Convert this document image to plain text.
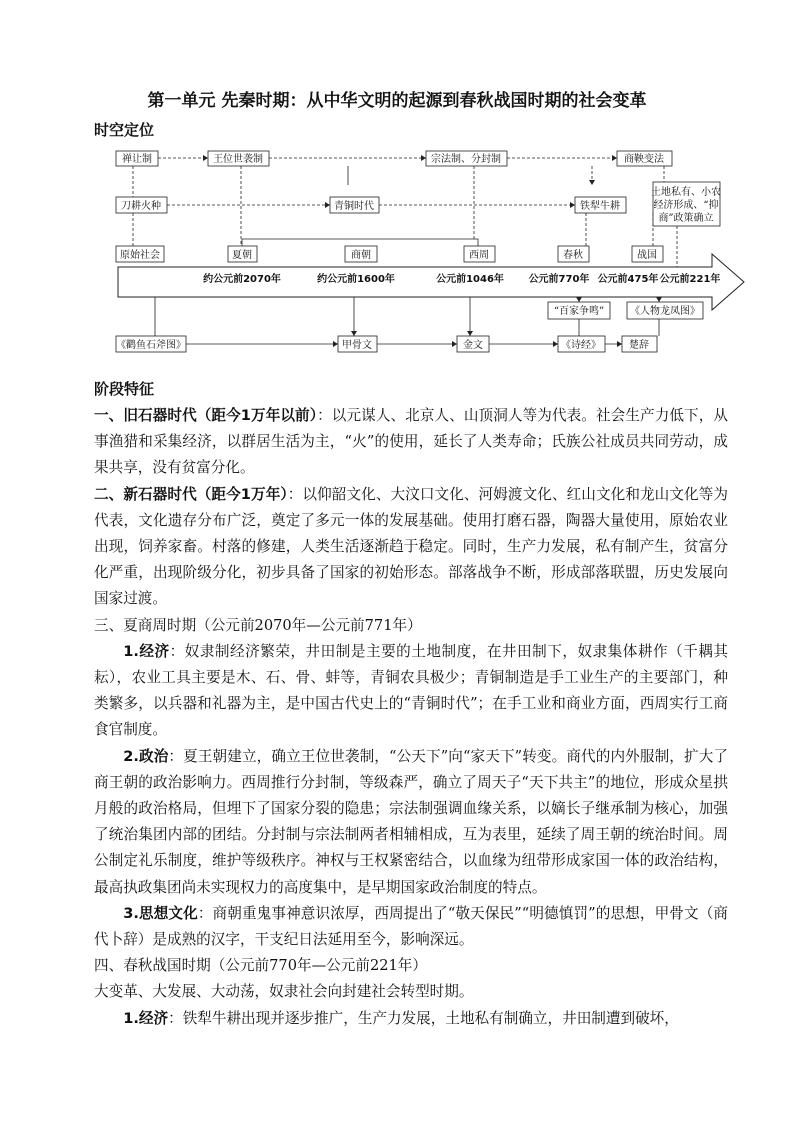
第一单元 先秦时期：从中华文明的起源到春秋战国时期的社会变革
时空定位
禅让制	王位世袭制	宗法制、分封制	商鞅变法
刀耕火种	青铜时代	铁犁牛耕
土地私有、小农
经济形成、“抑
商”政策确立
原始社会	夏朝	商朝	西周	春秋	战国
约公元前2070年	约公元前1600年	公元前1046年 公元前770年 公元前475年 公元前221年
“百家争鸣”	《人物龙凤图》
《鹳鱼石斧图》	甲骨文	金文	《诗经》	楚辞
阶段特征

一、旧石器时代（距今1万年以前）：以元谋人、北京人、山顶洞人等为代表。社会生产力低下，从事渔猎和采集经济，以群居生活为主，“火”的使用，延长了人类寿命；氏族公社成员共同劳动，成果共享，没有贫富分化。

二、新石器时代（距今1万年）：以仰韶文化、大汶口文化、河姆渡文化、红山文化和龙山文化等为代表，文化遗存分布广泛，奠定了多元一体的发展基础。使用打磨石器，陶器大量使用，原始农业出现，饲养家畜。村落的修建，人类生活逐渐趋于稳定。同时，生产力发展，私有制产生，贫富分化严重，出现阶级分化，初步具备了国家的初始形态。部落战争不断，形成部落联盟，历史发展向国家过渡。

三、夏商周时期（公元前2070年—公元前771年）

1.经济：奴隶制经济繁荣，井田制是主要的土地制度，在井田制下，奴隶集体耕作（千耦其耘），农业工具主要是木、石、骨、蚌等，青铜农具极少；青铜制造是手工业生产的主要部门，种类繁多，以兵器和礼器为主，是中国古代史上的“青铜时代”；在手工业和商业方面，西周实行工商食官制度。

2.政治：夏王朝建立，确立王位世袭制，“公天下”向“家天下”转变。商代的内外服制，扩大了商王朝的政治影响力。西周推行分封制，等级森严，确立了周天子“天下共主”的地位，形成众星拱月般的政治格局，但埋下了国家分裂的隐患；宗法制强调血缘关系，以嫡长子继承制为核心，加强了统治集团内部的团结。分封制与宗法制两者相辅相成，互为表里，延续了周王朝的统治时间。周公制定礼乐制度，维护等级秩序。神权与王权紧密结合，以血缘为纽带形成家国一体的政治结构，最高执政集团尚未实现权力的高度集中，是早期国家政治制度的特点。

3.思想文化：商朝重鬼事神意识浓厚，西周提出了“敬天保民”“明德慎罚”的思想，甲骨文（商代卜辞）是成熟的汉字，干支纪日法延用至今，影响深远。

四、春秋战国时期（公元前770年—公元前221年）

大变革、大发展、大动荡，奴隶社会向封建社会转型时期。

1.经济：铁犁牛耕出现并逐步推广，生产力发展，土地私有制确立，井田制遭到破坏，
